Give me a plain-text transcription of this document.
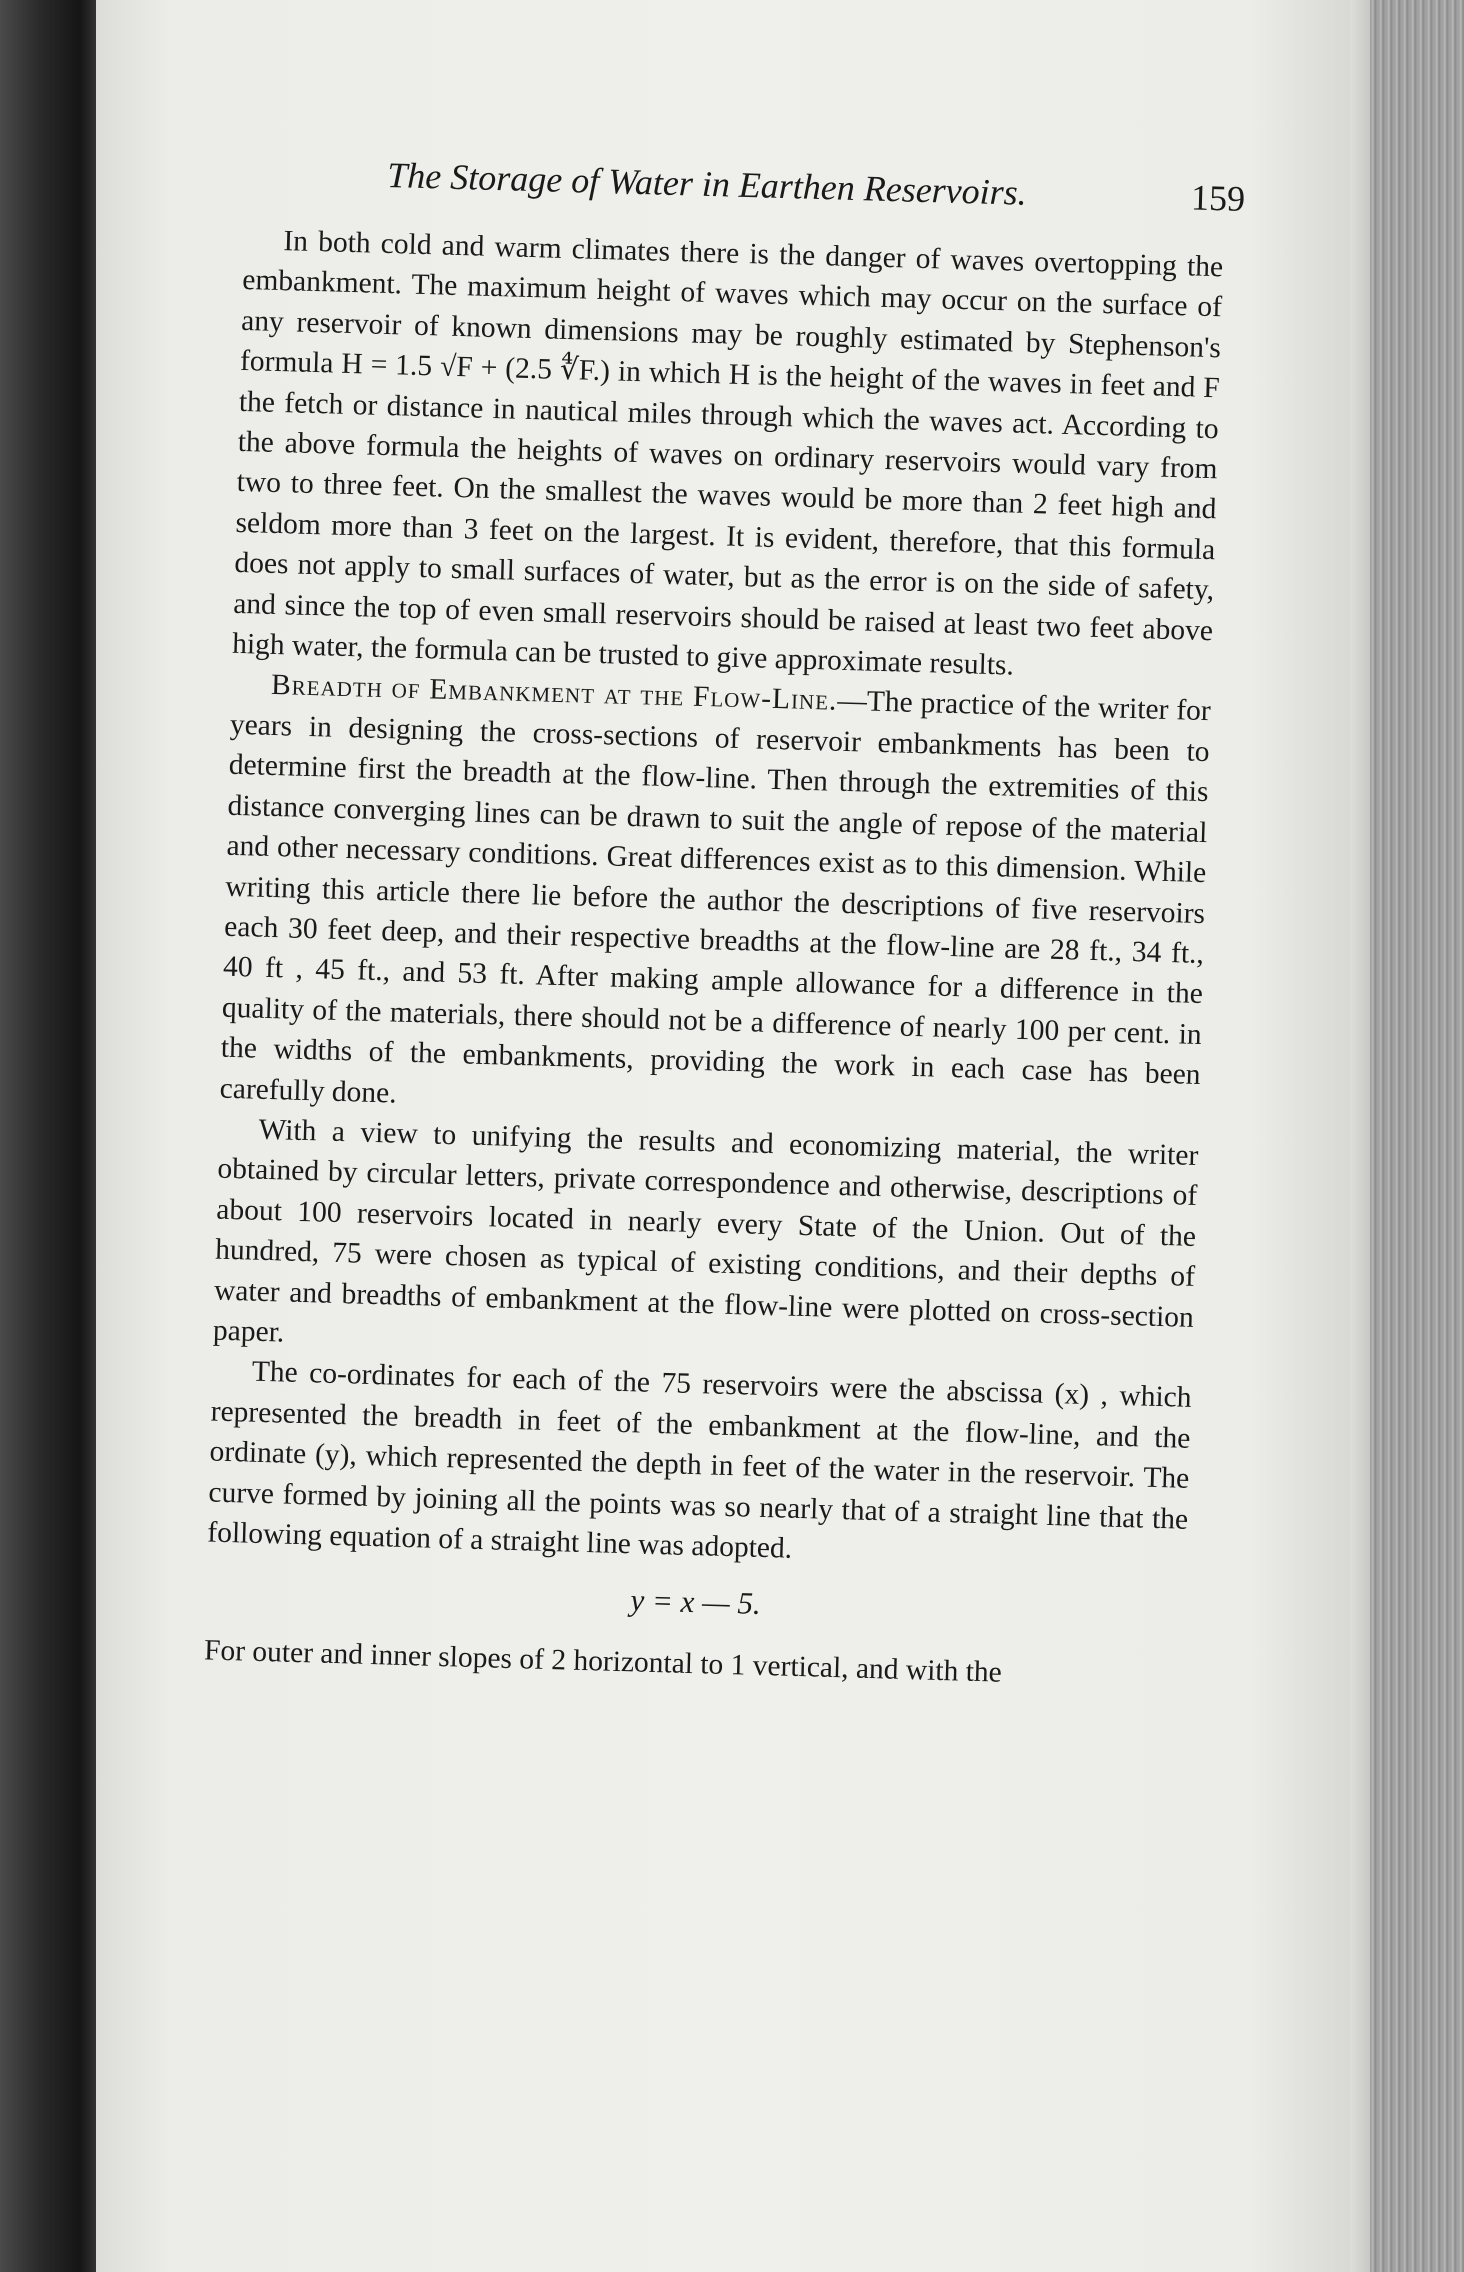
The Storage of Water in Earthen Reservoirs.	159

In both cold and warm climates there is the danger of waves overtopping the embankment. The maximum height of waves which may occur on the surface of any reservoir of known dimensions may be roughly estimated by Stephenson's formula H = 1.5 √F + (2.5 ∜F.) in which H is the height of the waves in feet and F the fetch or distance in nautical miles through which the waves act. According to the above formula the heights of waves on ordinary reservoirs would vary from two to three feet. On the smallest the waves would be more than 2 feet high and seldom more than 3 feet on the largest. It is evident, therefore, that this formula does not apply to small surfaces of water, but as the error is on the side of safety, and since the top of even small reservoirs should be raised at least two feet above high water, the formula can be trusted to give approximate results.

Breadth of Embankment at the Flow-Line.—The practice of the writer for years in designing the cross-sections of reservoir embankments has been to determine first the breadth at the flow-line. Then through the extremities of this distance converging lines can be drawn to suit the angle of repose of the material and other necessary conditions. Great differences exist as to this dimension. While writing this article there lie before the author the descriptions of five reservoirs each 30 feet deep, and their respective breadths at the flow-line are 28 ft., 34 ft., 40 ft , 45 ft., and 53 ft. After making ample allowance for a difference in the quality of the materials, there should not be a difference of nearly 100 per cent. in the widths of the embankments, providing the work in each case has been carefully done.

With a view to unifying the results and economizing material, the writer obtained by circular letters, private correspondence and otherwise, descriptions of about 100 reservoirs located in nearly every State of the Union. Out of the hundred, 75 were chosen as typical of existing conditions, and their depths of water and breadths of embankment at the flow-line were plotted on cross-section paper.

The co-ordinates for each of the 75 reservoirs were the abscissa (x) , which represented the breadth in feet of the embankment at the flow-line, and the ordinate (y), which represented the depth in feet of the water in the reservoir. The curve formed by joining all the points was so nearly that of a straight line that the following equation of a straight line was adopted.

y = x — 5.

For outer and inner slopes of 2 horizontal to 1 vertical, and with the
